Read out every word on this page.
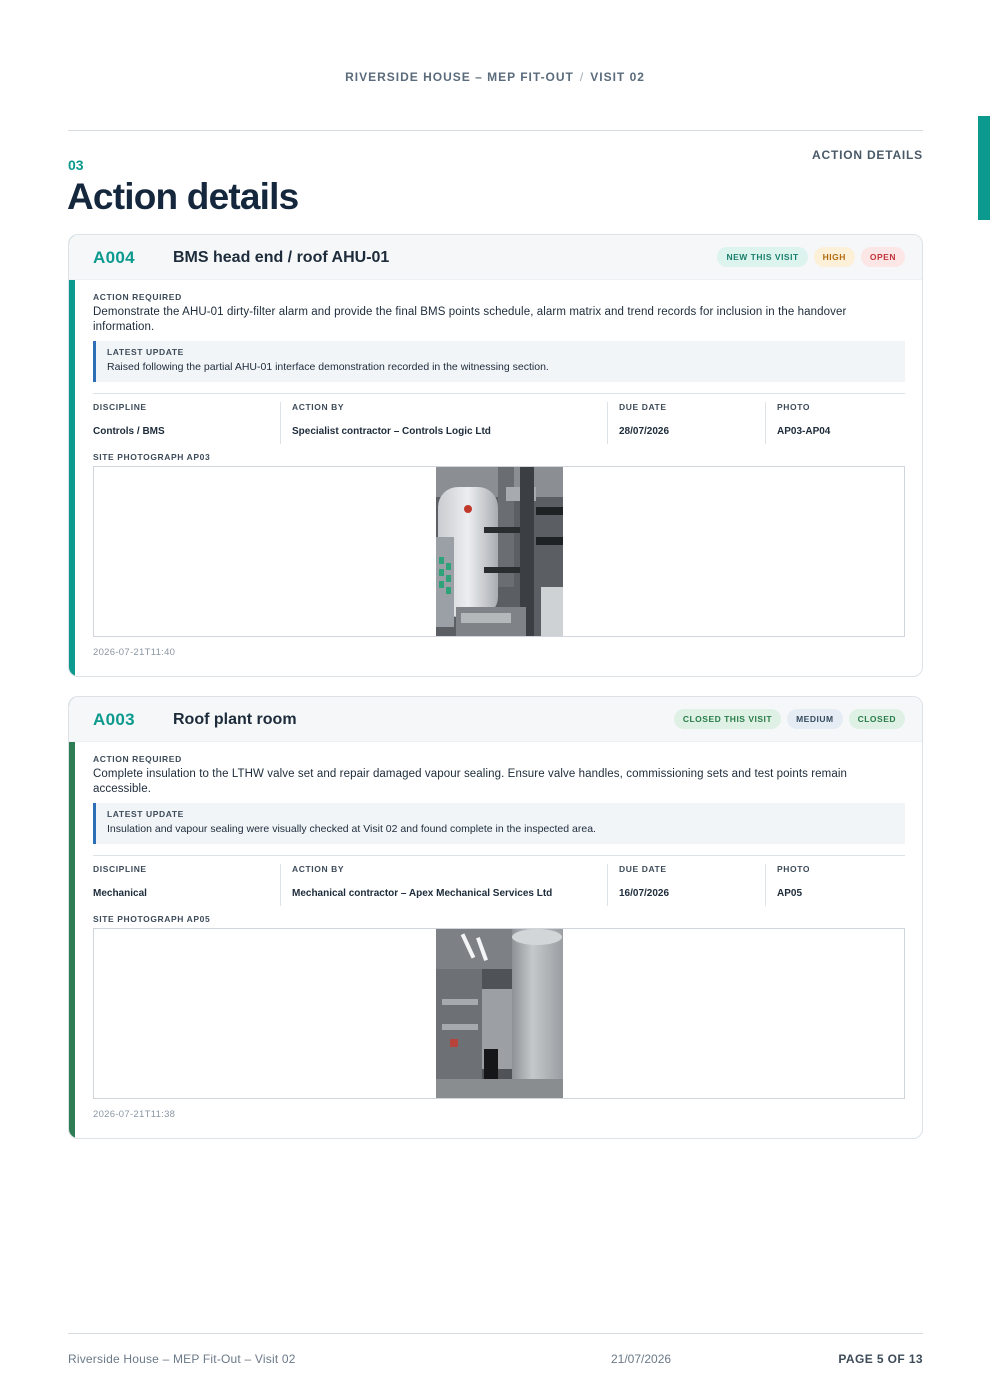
RIVERSIDE HOUSE – MEP FIT-OUT / VISIT 02
03
ACTION DETAILS
Action details
A004 BMS head end / roof AHU-01	NEW THIS VISIT	HIGH	OPEN
ACTION REQUIRED
Demonstrate the AHU-01 dirty-filter alarm and provide the final BMS points schedule, alarm matrix and trend records for inclusion in the handover information.
LATEST UPDATE
Raised following the partial AHU-01 interface demonstration recorded in the witnessing section.
DISCIPLINE
Controls / BMS
ACTION BY
Specialist contractor – Controls Logic Ltd
DUE DATE
28/07/2026
PHOTO
AP03-AP04
SITE PHOTOGRAPH AP03
2026-07-21T11:40
A003 Roof plant room	CLOSED THIS VISIT	MEDIUM	CLOSED
ACTION REQUIRED
Complete insulation to the LTHW valve set and repair damaged vapour sealing. Ensure valve handles, commissioning sets and test points remain accessible.
LATEST UPDATE
Insulation and vapour sealing were visually checked at Visit 02 and found complete in the inspected area.
DISCIPLINE
Mechanical
ACTION BY
Mechanical contractor – Apex Mechanical Services Ltd
DUE DATE
16/07/2026
PHOTO
AP05
SITE PHOTOGRAPH AP05
2026-07-21T11:38
Riverside House – MEP Fit-Out – Visit 02	21/07/2026	PAGE 5 OF 13
